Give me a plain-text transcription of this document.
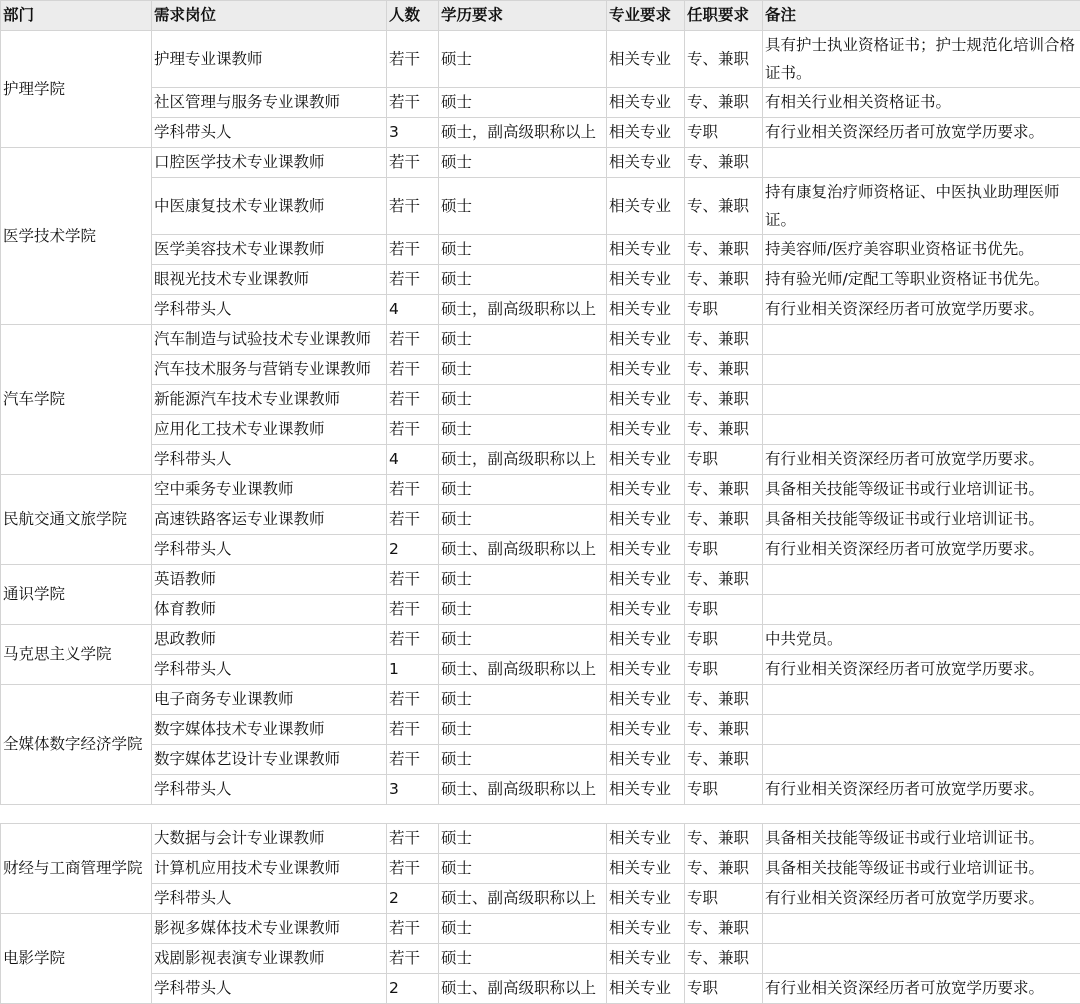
部门	需求岗位	人数	学历要求	专业要求	任职要求	备注
护理学院	护理专业课教师	若干	硕士	相关专业	专、兼职	具有护士执业资格证书；护士规范化培训合格证书。
	社区管理与服务专业课教师	若干	硕士	相关专业	专、兼职	有相关行业相关资格证书。
	学科带头人	3	硕士，副高级职称以上	相关专业	专职	有行业相关资深经历者可放宽学历要求。
医学技术学院	口腔医学技术专业课教师	若干	硕士	相关专业	专、兼职	
	中医康复技术专业课教师	若干	硕士	相关专业	专、兼职	持有康复治疗师资格证、中医执业助理医师证。
	医学美容技术专业课教师	若干	硕士	相关专业	专、兼职	持美容师/医疗美容职业资格证书优先。
	眼视光技术专业课教师	若干	硕士	相关专业	专、兼职	持有验光师/定配工等职业资格证书优先。
	学科带头人	4	硕士，副高级职称以上	相关专业	专职	有行业相关资深经历者可放宽学历要求。
汽车学院	汽车制造与试验技术专业课教师	若干	硕士	相关专业	专、兼职	
	汽车技术服务与营销专业课教师	若干	硕士	相关专业	专、兼职	
	新能源汽车技术专业课教师	若干	硕士	相关专业	专、兼职	
	应用化工技术专业课教师	若干	硕士	相关专业	专、兼职	
	学科带头人	4	硕士，副高级职称以上	相关专业	专职	有行业相关资深经历者可放宽学历要求。
民航交通文旅学院	空中乘务专业课教师	若干	硕士	相关专业	专、兼职	具备相关技能等级证书或行业培训证书。
	高速铁路客运专业课教师	若干	硕士	相关专业	专、兼职	具备相关技能等级证书或行业培训证书。
	学科带头人	2	硕士、副高级职称以上	相关专业	专职	有行业相关资深经历者可放宽学历要求。
通识学院	英语教师	若干	硕士	相关专业	专、兼职	
	体育教师	若干	硕士	相关专业	专职	
马克思主义学院	思政教师	若干	硕士	相关专业	专职	中共党员。
	学科带头人	1	硕士、副高级职称以上	相关专业	专职	有行业相关资深经历者可放宽学历要求。
全媒体数字经济学院	电子商务专业课教师	若干	硕士	相关专业	专、兼职	
	数字媒体技术专业课教师	若干	硕士	相关专业	专、兼职	
	数字媒体艺设计专业课教师	若干	硕士	相关专业	专、兼职	
	学科带头人	3	硕士、副高级职称以上	相关专业	专职	有行业相关资深经历者可放宽学历要求。

财经与工商管理学院	大数据与会计专业课教师	若干	硕士	相关专业	专、兼职	具备相关技能等级证书或行业培训证书。
	计算机应用技术专业课教师	若干	硕士	相关专业	专、兼职	具备相关技能等级证书或行业培训证书。
	学科带头人	2	硕士、副高级职称以上	相关专业	专职	有行业相关资深经历者可放宽学历要求。
电影学院	影视多媒体技术专业课教师	若干	硕士	相关专业	专、兼职	
	戏剧影视表演专业课教师	若干	硕士	相关专业	专、兼职	
	学科带头人	2	硕士、副高级职称以上	相关专业	专职	有行业相关资深经历者可放宽学历要求。
